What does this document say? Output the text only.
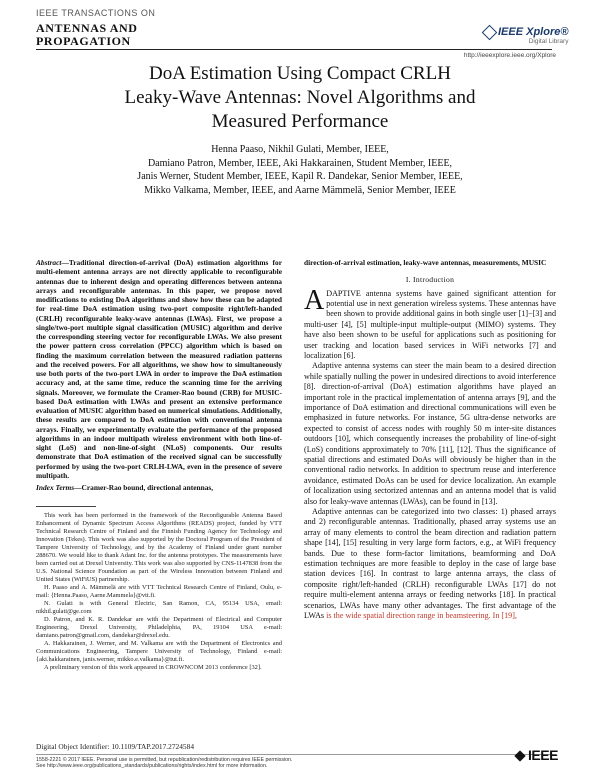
IEEE TRANSACTIONS ON
ANTENNAS AND
PROPAGATION
IEEE Xplore®
Digital Library
http://ieeexplore.ieee.org/Xplore
DoA Estimation Using Compact CRLH
Leaky-Wave Antennas: Novel Algorithms and
Measured Performance
Henna Paaso, Nikhil Gulati, Member, IEEE,
Damiano Patron, Member, IEEE, Aki Hakkarainen, Student Member, IEEE,
Janis Werner, Student Member, IEEE, Kapil R. Dandekar, Senior Member, IEEE,
Mikko Valkama, Member, IEEE, and Aarne Mämmelä, Senior Member, IEEE
Abstract—Traditional direction-of-arrival (DoA) estimation algorithms for multi-element antenna arrays are not directly applicable to reconfigurable antennas due to inherent design and operating differences between antenna arrays and reconfigurable antennas. In this paper, we propose novel modifications to existing DoA algorithms and show how these can be adapted for real-time DoA estimation using two-port composite right/left-handed (CRLH) reconfigurable leaky-wave antennas (LWAs). First, we propose a single/two-port multiple signal classification (MUSIC) algorithm and derive the corresponding steering vector for reconfigurable LWAs. We also present the power pattern cross correlation (PPCC) algorithm which is based on finding the maximum correlation between the measured radiation patterns and the received powers. For all algorithms, we show how to simultaneously use both ports of the two-port LWA in order to improve the DoA estimation accuracy and, at the same time, reduce the scanning time for the arriving signals. Moreover, we formulate the Cramer-Rao bound (CRB) for MUSIC-based DoA estimation with LWAs and present an extensive performance evaluation of MUSIC algorithm based on numerical simulations. Additionally, these results are compared to DoA estimation with conventional antenna arrays. Finally, we experimentally evaluate the performance of the proposed algorithms in an indoor multipath wireless environment with both line-of-sight (LoS) and non-line-of-sight (NLoS) components. Our results demonstrate that DoA estimation of the received signal can be successfully performed by using the two-port CRLH-LWA, even in the presence of severe multipath.
Index Terms—Cramer-Rao bound, directional antennas,

This work has been performed in the framework of the Reconfigurable Antenna Based Enhancement of Dynamic Spectrum Access Algorithms (READS) project, funded by VTT Technical Research Centre of Finland and the Finnish Funding Agency for Technology and Innovation (Tekes). This work was also supported by the Doctoral Program of the President of Tampere University of Technology, and by the Academy of Finland under grant number 288670. We would like to thank Adant Inc. for the antenna prototypes. The measurements have been carried out at Drexel University. This work was also supported by CNS-1147838 from the U.S. National Science Foundation as part of the Wireless Innovation between Finland and United States (WiFiUS) partnership.

H. Paaso and A. Mämmelä are with VTT Technical Research Centre of Finland, Oulu, e-mail: {Henna.Paaso, Aarne.Mammela}@vtt.fi.

N. Gulati is with General Electric, San Ramon, CA, 95134 USA, email: nikhil.gulati@ge.com

D. Patron, and K. R. Dandekar are with the Department of Electrical and Computer Engineering, Drexel University, Philadelphia, PA, 19104 USA e-mail: damiano.patron@gmail.com, dandekar@drexel.edu.

A. Hakkarainen, J. Werner, and M. Valkama are with the Department of Electronics and Communications Engineering, Tampere University of Technology, Finland e-mail: {aki.hakkarainen, janis.werner, mikko.e.valkama}@tut.fi.

A preliminary version of this work appeared in CROWNCOM 2013 conference [32].

direction-of-arrival estimation, leaky-wave antennas, measurements, MUSIC
I. Introduction

ADAPTIVE antenna systems have gained significant attention for potential use in next generation wireless systems. These antennas have been shown to provide additional gains in both single user [1]−[3] and multi-user [4], [5] multiple-input multiple-output (MIMO) systems. They have also been shown to be useful for applications such as positioning for user tracking and location based services in WiFi networks [7] and localization [6].

Adaptive antenna systems can steer the main beam to a desired direction while spatially nulling the power in undesired directions to avoid interference [8]. direction-of-arrival (DoA) estimation algorithms have played an important role in the practical implementation of antenna arrays [9], and the importance of DoA estimation and directional communications will even be emphasized in future networks. For instance, 5G ultra-dense networks are expected to consist of access nodes with roughly 50 m inter-site distances outdoors [10], which consequently increases the probability of line-of-sight (LoS) conditions approximately to 70% [11], [12]. Thus the significance of spatial directions and estimated DoAs will obviously be higher than in the conventional radio networks. In addition to spectrum reuse and interference avoidance, estimated DoAs can be used for device localization. An example of localization using sectorized antennas and an antenna model that is valid also for leaky-wave antennas (LWAs), can be found in [13].

Adaptive antennas can be categorized into two classes: 1) phased arrays and 2) reconfigurable antennas. Traditionally, phased array systems use an array of many elements to control the beam direction and radiation pattern shape [14], [15] resulting in very large form factors, e.g., at WiFi frequency bands. Due to these form-factor limitations, beamforming and DoA estimation techniques are more feasible to deploy in the case of large base station devices [16]. In contrast to large antenna arrays, the class of composite right/left-handed (CRLH) reconfigurable LWAs [17] do not require multi-element antenna arrays or feeding networks [18]. In practical scenarios, LWAs have many other advantages. The first advantage of the LWAs is the wide spatial direction range in beamsteering. In [19],

Digital Object Identifier: 10.1109/TAP.2017.2724584
1558-2221 © 2017 IEEE. Personal use is permitted, but republication/redistribution requires IEEE permission.
See http://www.ieee.org/publications_standards/publications/rights/index.html for more information.
IEEE
